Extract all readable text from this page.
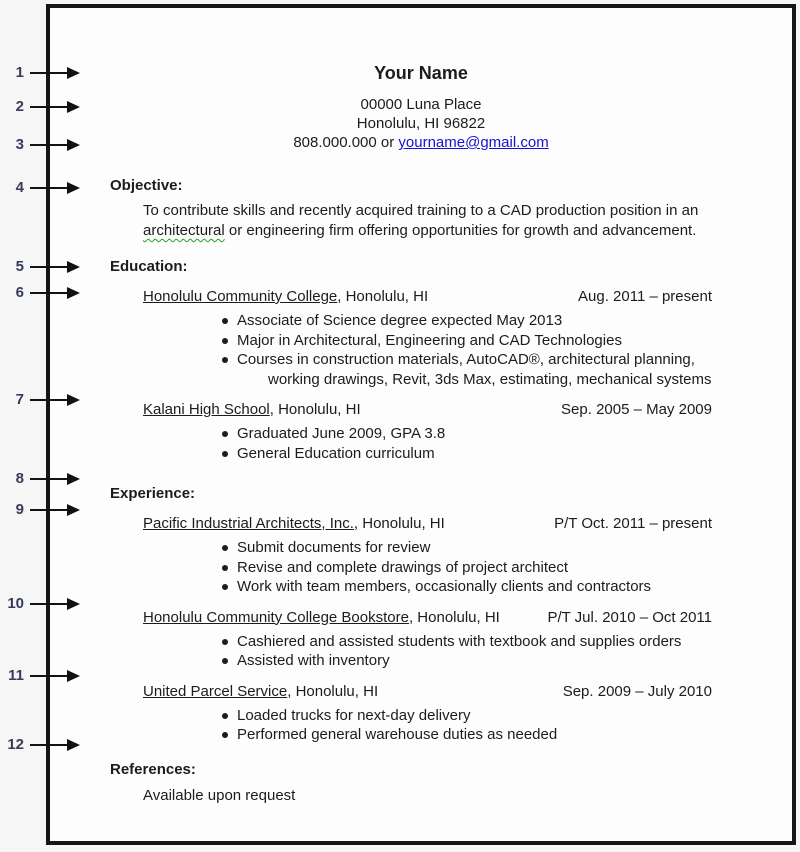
1
2
3
4
5
6
7
8
9
10
11
12
Your Name
00000 Luna Place
Honolulu, HI 96822
808.000.000 or yourname@gmail.com
Objective:

To contribute skills and recently acquired training to a CAD production position in an architectural or engineering firm offering opportunities for growth and advancement.

Education:
Honolulu Community College, Honolulu, HI	Aug. 2011 – present
Associate of Science degree expected May 2013
Major in Architectural, Engineering and CAD Technologies
Courses in construction materials, AutoCAD®, architectural planning,
working drawings, Revit, 3ds Max, estimating, mechanical systems
Kalani High School, Honolulu, HI	Sep. 2005 – May 2009
Graduated June 2009, GPA 3.8
General Education curriculum
Experience:
Pacific Industrial Architects, Inc., Honolulu, HI	P/T Oct. 2011 – present
Submit documents for review
Revise and complete drawings of project architect
Work with team members, occasionally clients and contractors
Honolulu Community College Bookstore, Honolulu, HI	P/T Jul. 2010 – Oct 2011
Cashiered and assisted students with textbook and supplies orders
Assisted with inventory
United Parcel Service, Honolulu, HI	Sep. 2009 – July 2010
Loaded trucks for next-day delivery
Performed general warehouse duties as needed
References:
Available upon request
